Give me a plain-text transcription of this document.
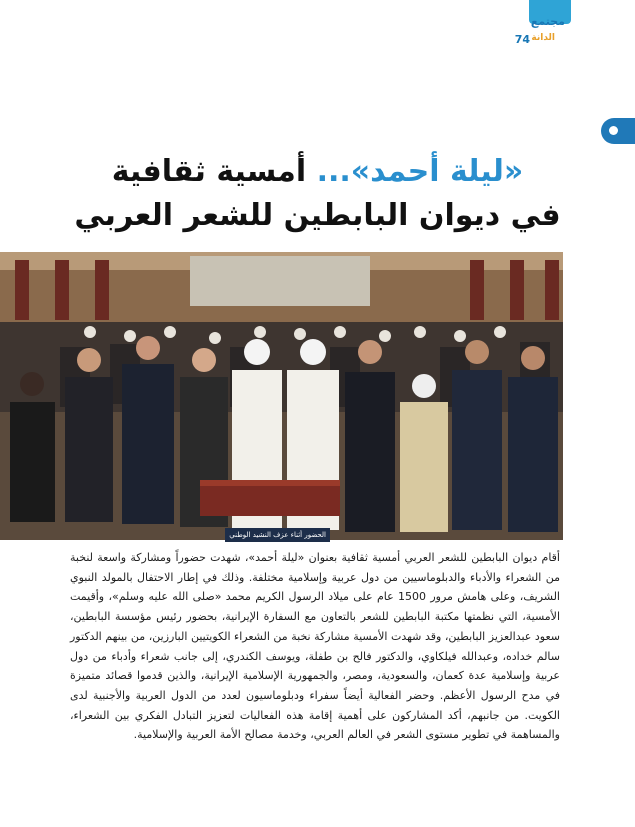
مجتمع
الدانة
74
«ليلة أحمد»... أمسية ثقافية
في ديوان البابطين للشعر العربي
الحضور أثناء عزف النشيد الوطني

أقام ديوان البابطين للشعر العربي أمسية ثقافية بعنوان «ليلة أحمد»، شهدت حضوراً ومشاركة واسعة لنخبة من الشعراء والأدباء والدبلوماسيين من دول عربية وإسلامية مختلفة. وذلك في إطار الاحتفال بالمولد النبوي الشريف، وعلى هامش مرور 1500 عام على ميلاد الرسول الكريم محمد «صلى الله عليه وسلم»، وأقيمت الأمسية، التي نظمتها مكتبة البابطين للشعر بالتعاون مع السفارة الإيرانية، بحضور رئيس مؤسسة البابطين، سعود عبدالعزيز البابطين، وقد شهدت الأمسية مشاركة نخبة من الشعراء الكويتيين البارزين، من بينهم الدكتور سالم خداده، وعبدالله فيلكاوي، والدكتور فالح بن طفلة، ويوسف الكندري، إلى جانب شعراء وأدباء من دول عربية وإسلامية عدة كعمان، والسعودية، ومصر، والجمهورية الإسلامية الإيرانية، والذين قدموا قصائد متميزة في مدح الرسول الأعظم. وحضر الفعالية أيضاً سفراء ودبلوماسيون لعدد من الدول العربية والأجنبية لدى الكويت. من جانبهم، أكد المشاركون على أهمية إقامة هذه الفعاليات لتعزيز التبادل الفكري بين الشعراء، والمساهمة في تطوير مستوى الشعر في العالم العربي، وخدمة مصالح الأمة العربية والإسلامية.
